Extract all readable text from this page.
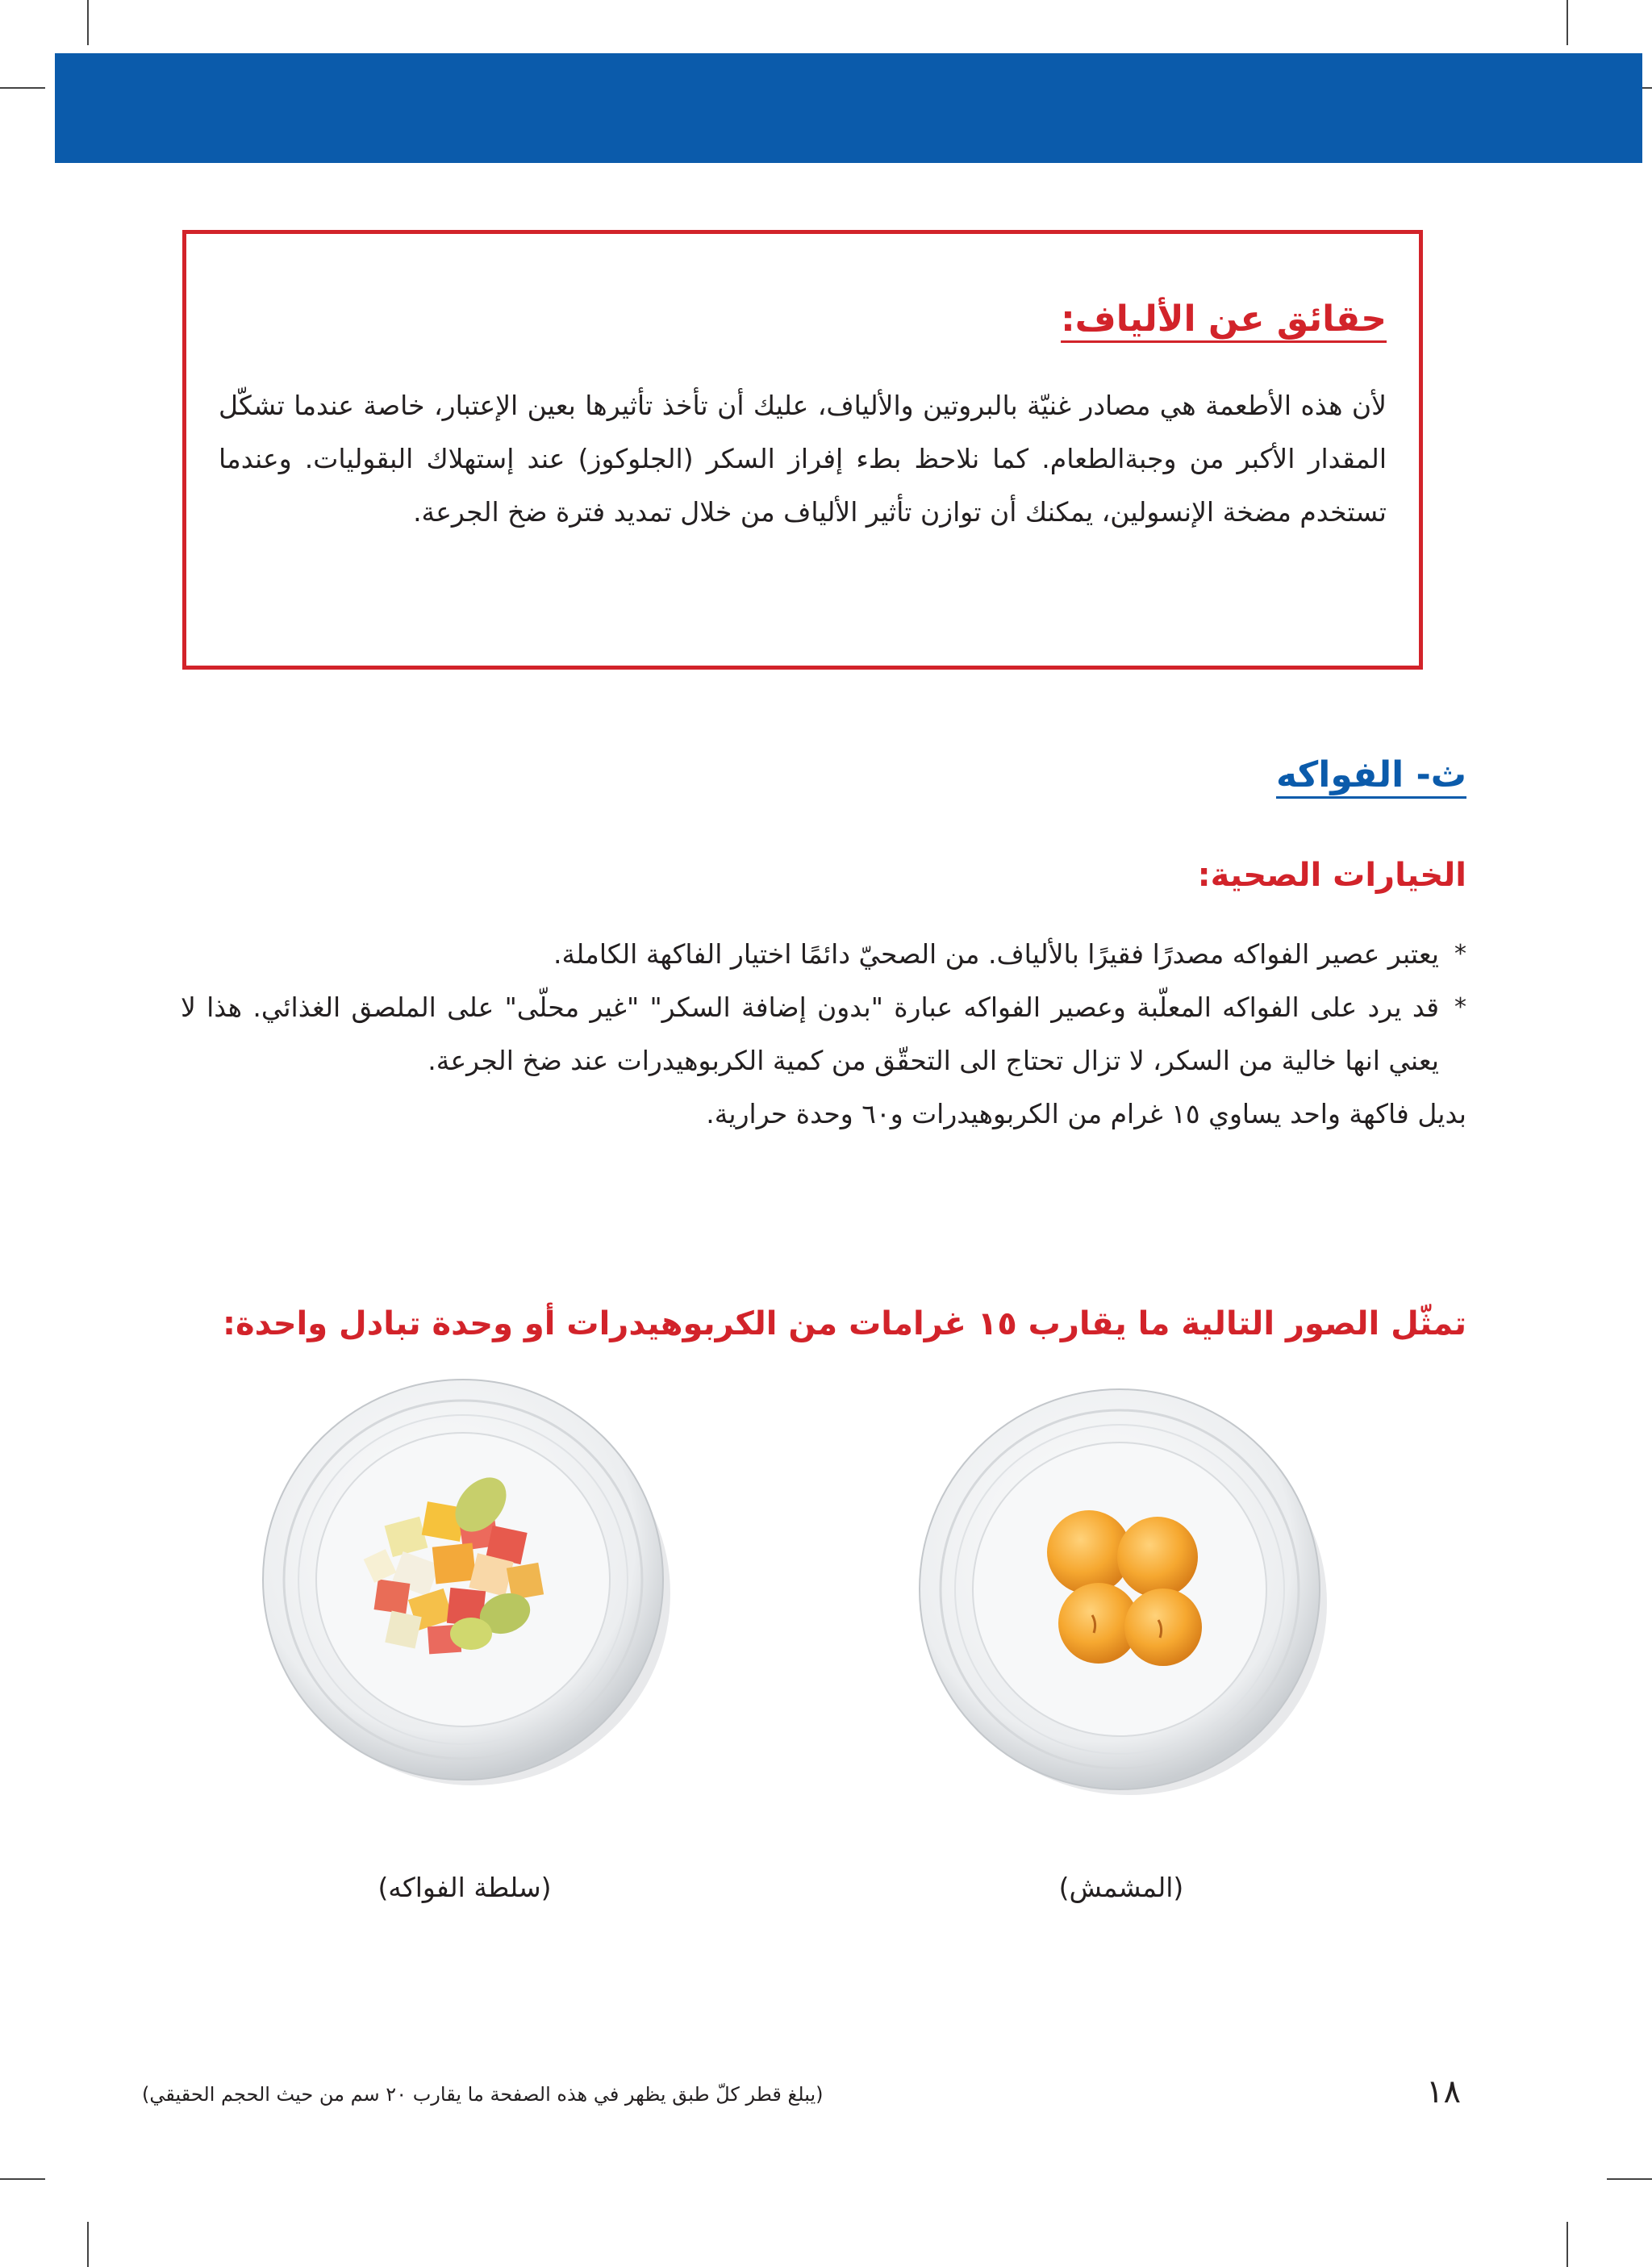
حقائق عن الألياف:

لأن هذه الأطعمة هي مصادر غنيّة بالبروتين والألياف، عليك أن تأخذ تأثيرها بعين الإعتبار، خاصة عندما تشكّل المقدار الأكبر من وجبةالطعام. كما نلاحظ بطء إفراز السكر (الجلوكوز) عند إستهلاك البقوليات. وعندما تستخدم مضخة الإنسولين، يمكنك أن توازن تأثير الألياف من خلال تمديد فترة ضخ الجرعة.

ث- الفواكه
الخيارات الصحية:
*
يعتبر عصير الفواكه مصدرًا فقيرًا بالألياف. من الصحيّ دائمًا اختيار الفاكهة الكاملة.
*
قد يرد على الفواكه المعلّبة وعصير الفواكه عبارة "بدون إضافة السكر" "غير محلّى" على الملصق الغذائي. هذا لا يعني انها خالية من السكر، لا تزال تحتاج الى التحقّق من كمية الكربوهيدرات عند ضخ الجرعة.
بديل فاكهة واحد يساوي ١٥ غرام من الكربوهيدرات و٦٠ وحدة حرارية.
تمثّل الصور التالية ما يقارب ١٥ غرامات من الكربوهيدرات أو وحدة تبادل واحدة:
(سلطة الفواكه)	(المشمش)
١٨
(يبلغ قطر كلّ طبق يظهر في هذه الصفحة ما يقارب ٢٠ سم من حيث الحجم الحقيقي)
